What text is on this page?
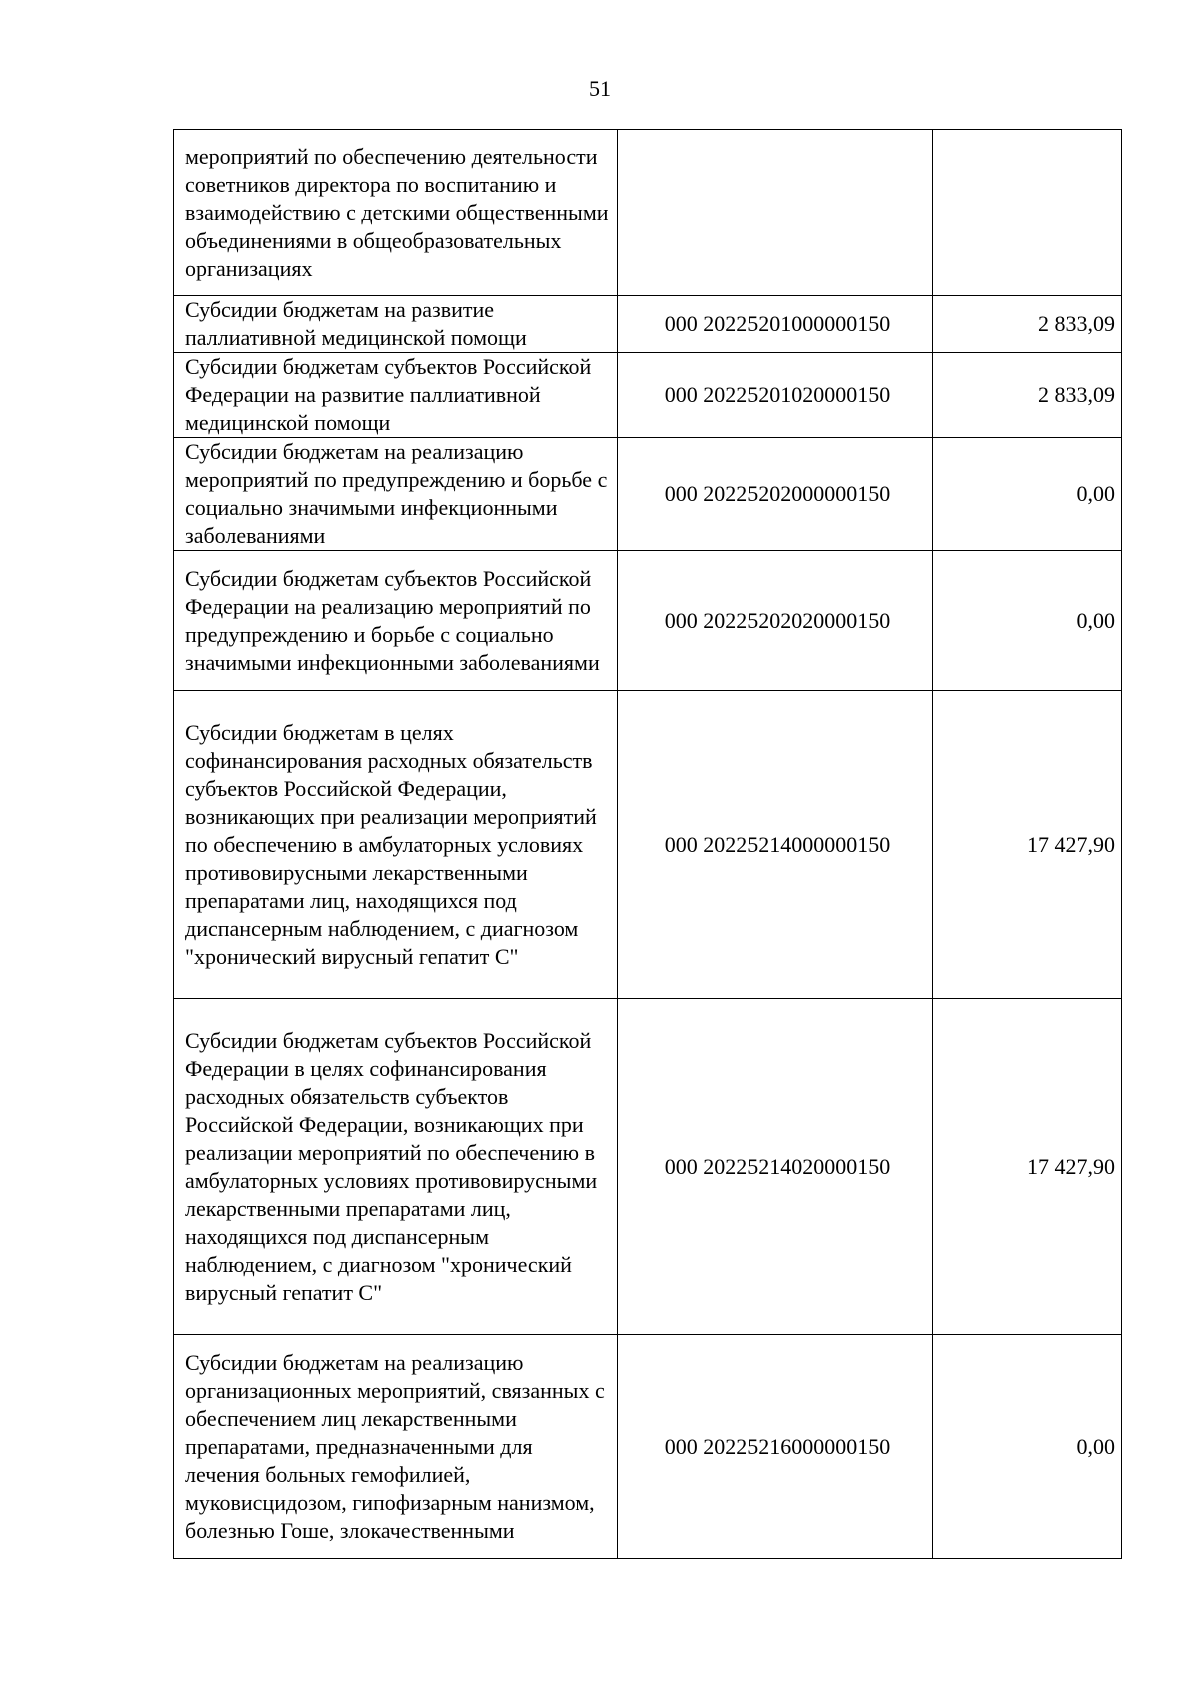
51
мероприятий по обеспечению деятельности советников директора по воспитанию и взаимодействию с детскими общественными объединениями в общеобразовательных организациях		
Субсидии бюджетам на развитие паллиативной медицинской помощи	000 20225201000000150	2 833,09
Субсидии бюджетам субъектов Российской Федерации на развитие паллиативной медицинской помощи	000 20225201020000150	2 833,09
Субсидии бюджетам на реализацию мероприятий по предупреждению и борьбе с социально значимыми инфекционными заболеваниями	000 20225202000000150	0,00
Субсидии бюджетам субъектов Российской Федерации на реализацию мероприятий по предупреждению и борьбе с социально значимыми инфекционными заболеваниями	000 20225202020000150	0,00
Субсидии бюджетам в целях софинансирования расходных обязательств субъектов Российской Федерации, возникающих при реализации мероприятий по обеспечению в амбулаторных условиях противовирусными лекарственными препаратами лиц, находящихся под диспансерным наблюдением, с диагнозом "хронический вирусный гепатит С"	000 20225214000000150	17 427,90
Субсидии бюджетам субъектов Российской Федерации в целях софинансирования расходных обязательств субъектов Российской Федерации, возникающих при реализации мероприятий по обеспечению в амбулаторных условиях противовирусными лекарственными препаратами лиц, находящихся под диспансерным наблюдением, с диагнозом "хронический вирусный гепатит С"	000 20225214020000150	17 427,90
Субсидии бюджетам на реализацию организационных мероприятий, связанных с обеспечением лиц лекарственными препаратами, предназначенными для лечения больных гемофилией, муковисцидозом, гипофизарным нанизмом, болезнью Гоше, злокачественными	000 20225216000000150	0,00
